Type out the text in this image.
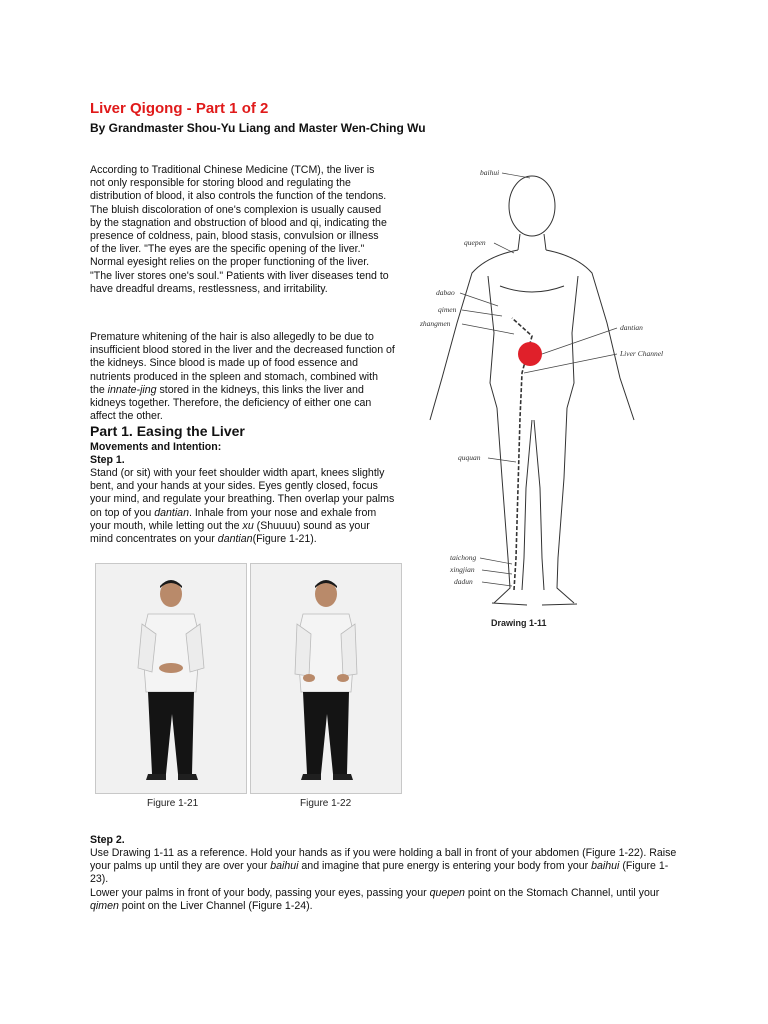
Liver Qigong - Part 1 of 2
By Grandmaster Shou-Yu Liang and Master Wen-Ching Wu

According to Traditional Chinese Medicine (TCM), the liver is not only responsible for storing blood and regulating the distribution of blood, it also controls the function of the tendons. The bluish discoloration of one's complexion is usually caused by the stagnation and obstruction of blood and qi, indicating the presence of coldness, pain, blood stasis, convulsion or illness of the liver. "The eyes are the specific opening of the liver." Normal eyesight relies on the proper functioning of the liver. "The liver stores one's soul." Patients with liver diseases tend to have dreadful dreams, restlessness, and irritability.

Premature whitening of the hair is also allegedly to be due to insufficient blood stored in the liver and the decreased function of the kidneys. Since blood is made up of food essence and nutrients produced in the spleen and stomach, combined with the innate-jing stored in the kidneys, this links the liver and kidneys together. Therefore, the deficiency of either one can affect the other.

Part 1. Easing the Liver
Movements and Intention:
Step 1.

Stand (or sit) with your feet shoulder width apart, knees slightly bent, and your hands at your sides. Eyes gently closed, focus your mind, and regulate your breathing. Then overlap your palms on top of you dantian. Inhale from your nose and exhale from your mouth, while letting out the xu (Shuuuu) sound as your mind concentrates on your dantian(Figure 1-21).

baihui
quepen
dabao
qimen
zhangmen	dantian
Liver Channel
ququan
taichong
xingjian
dadun
Drawing 1-11
Figure 1-21	Figure 1-22
Step 2.

Use Drawing 1-11 as a reference. Hold your hands as if you were holding a ball in front of your abdomen (Figure 1-22). Raise your palms up until they are over your baihui and imagine that pure energy is entering your body from your baihui (Figure 1-23).

Lower your palms in front of your body, passing your eyes, passing your quepen point on the Stomach Channel, until your qimen point on the Liver Channel (Figure 1-24).
